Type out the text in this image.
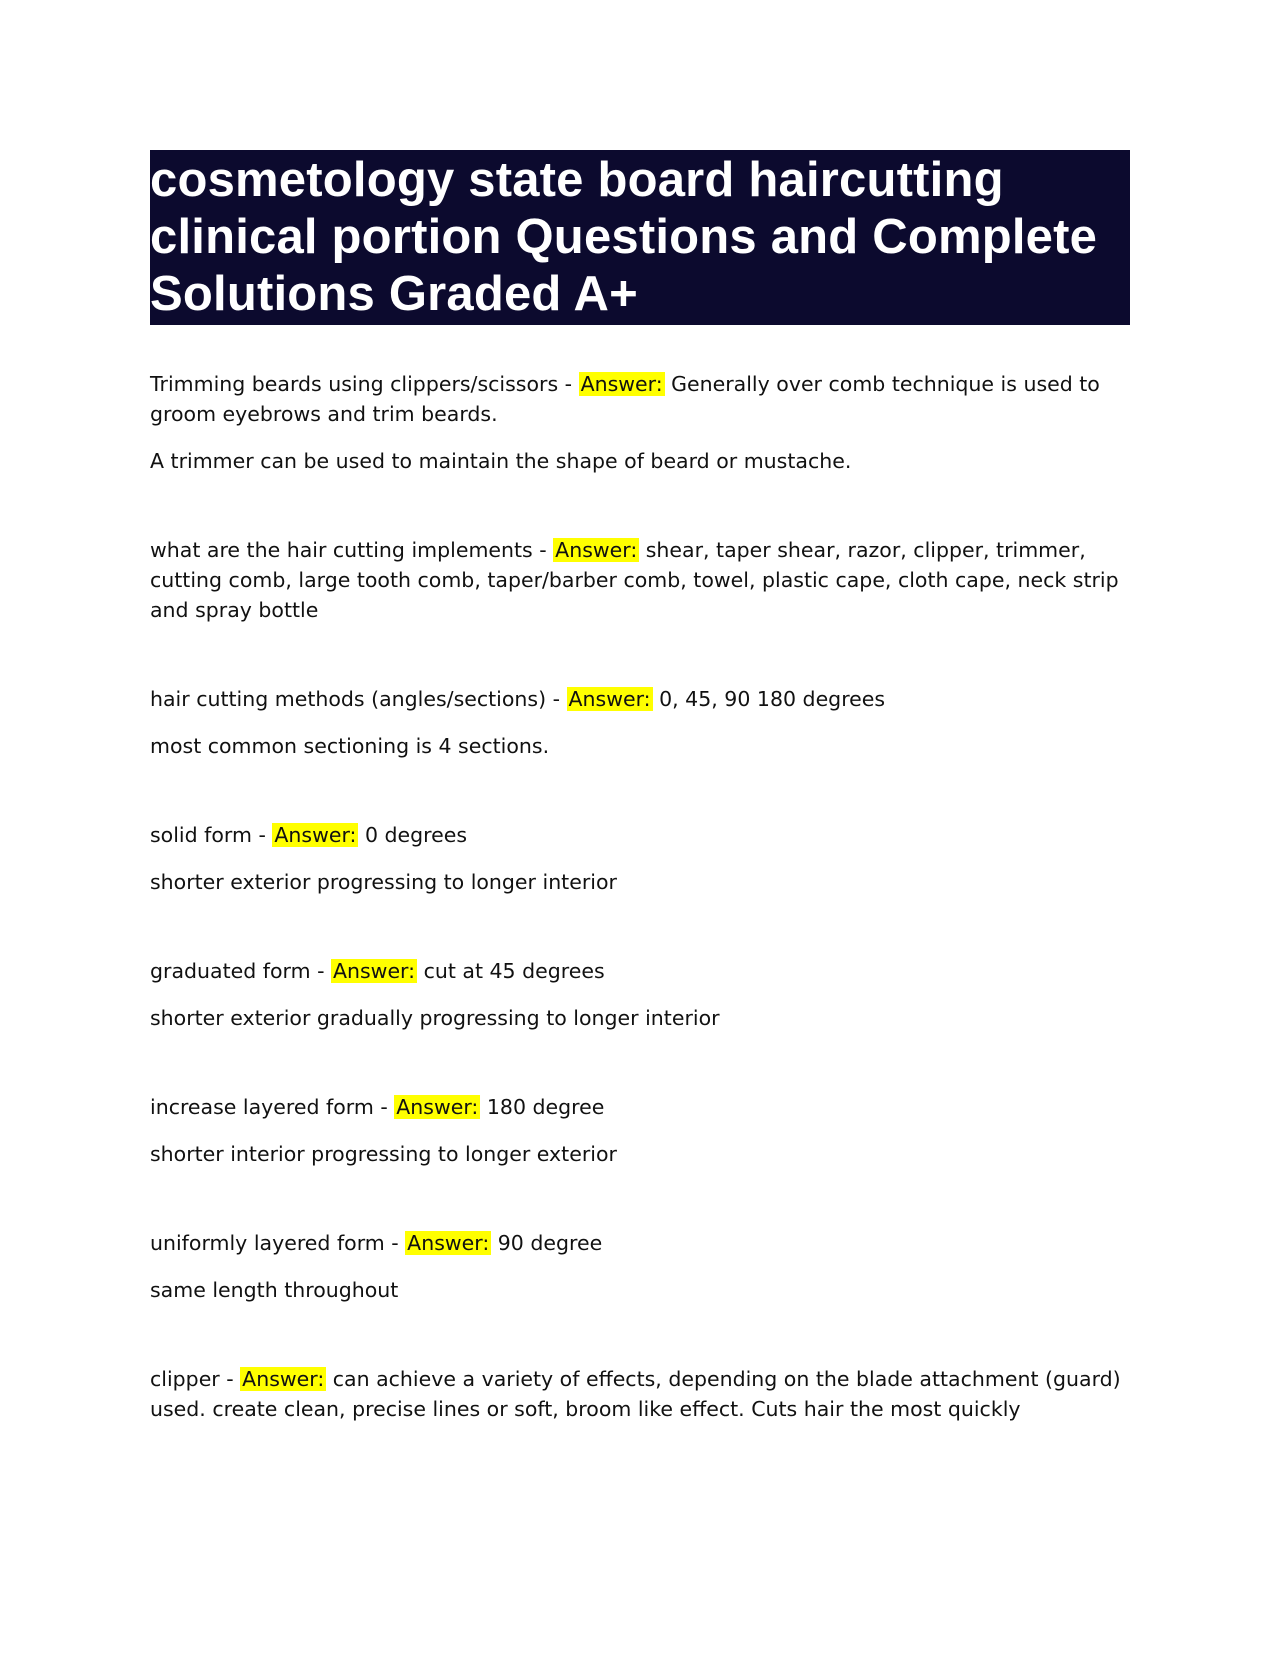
cosmetology state board haircutting
clinical portion Questions and Complete
Solutions Graded A+

Trimming beards using clippers/scissors - Answer: Generally over comb technique is used to groom eyebrows and trim beards.

A trimmer can be used to maintain the shape of beard or mustache.

what are the hair cutting implements - Answer: shear, taper shear, razor, clipper, trimmer, cutting comb, large tooth comb, taper/barber comb, towel, plastic cape, cloth cape, neck strip and spray bottle

hair cutting methods (angles/sections) - Answer: 0, 45, 90 180 degrees

most common sectioning is 4 sections.

solid form - Answer: 0 degrees

shorter exterior progressing to longer interior

graduated form - Answer: cut at 45 degrees

shorter exterior gradually progressing to longer interior

increase layered form - Answer: 180 degree

shorter interior progressing to longer exterior

uniformly layered form - Answer: 90 degree

same length throughout

clipper - Answer: can achieve a variety of effects, depending on the blade attachment (guard) used. create clean, precise lines or soft, broom like effect. Cuts hair the most quickly
